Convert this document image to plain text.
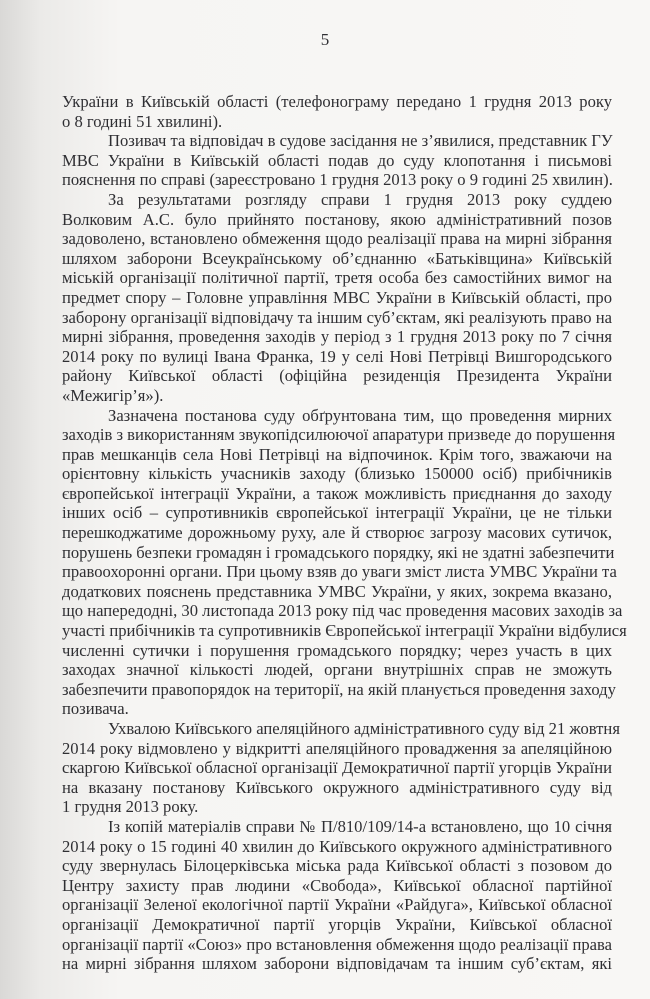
5
України в Київській області (телефонограму передано 1 грудня 2013 року
о 8 годині 51 хвилині).
Позивач та відповідач в судове засідання не з’явилися, представник ГУ
МВС України в Київській області подав до суду клопотання і письмові
пояснення по справі (зареєстровано 1 грудня 2013 року о 9 годині 25 хвилин).
За результатами розгляду справи 1 грудня 2013 року суддею
Волковим А.С. було прийнято постанову, якою адміністративний позов
задоволено, встановлено обмеження щодо реалізації права на мирні зібрання
шляхом заборони Всеукраїнському об’єднанню «Батьківщина» Київській
міській організації політичної партії, третя особа без самостійних вимог на
предмет спору – Головне управління МВС України в Київській області, про
заборону організації відповідачу та іншим суб’єктам, які реалізують право на
мирні зібрання, проведення заходів у період з 1 грудня 2013 року по 7 січня
2014 року по вулиці Івана Франка, 19 у селі Нові Петрівці Вишгородського
району Київської області (офіційна резиденція Президента України
«Межигір’я»).
Зазначена постанова суду обґрунтована тим, що проведення мирних
заходів з використанням звукопідсилюючої апаратури призведе до порушення
прав мешканців села Нові Петрівці на відпочинок. Крім того, зважаючи на
орієнтовну кількість учасників заходу (близько 150000 осіб) прибічників
європейської інтеграції України, а також можливість приєднання до заходу
інших осіб – супротивників європейської інтеграції України, це не тільки
перешкоджатиме дорожньому руху, але й створює загрозу масових сутичок,
порушень безпеки громадян і громадського порядку, які не здатні забезпечити
правоохоронні органи. При цьому взяв до уваги зміст листа УМВС України та
додаткових пояснень представника УМВС України, у яких, зокрема вказано,
що напередодні, 30 листопада 2013 року під час проведення масових заходів за
участі прибічників та супротивників Європейської інтеграції України відбулися
численні сутички і порушення громадського порядку; через участь в цих
заходах значної кількості людей, органи внутрішніх справ не зможуть
забезпечити правопорядок на території, на якій планується проведення заходу
позивача.
Ухвалою Київського апеляційного адміністративного суду від 21 жовтня
2014 року відмовлено у відкритті апеляційного провадження за апеляційною
скаргою Київської обласної організації Демократичної партії угорців України
на вказану постанову Київського окружного адміністративного суду від
1 грудня 2013 року.
Із копій матеріалів справи № П/810/109/14-а встановлено, що 10 січня
2014 року о 15 годині 40 хвилин до Київського окружного адміністративного
суду звернулась Білоцерківська міська рада Київської області з позовом до
Центру захисту прав людини «Свобода», Київської обласної партійної
організації Зеленої екологічної партії України «Райдуга», Київської обласної
організації Демократичної партії угорців України, Київської обласної
організації партії «Союз» про встановлення обмеження щодо реалізації права
на мирні зібрання шляхом заборони відповідачам та іншим суб’єктам, які
